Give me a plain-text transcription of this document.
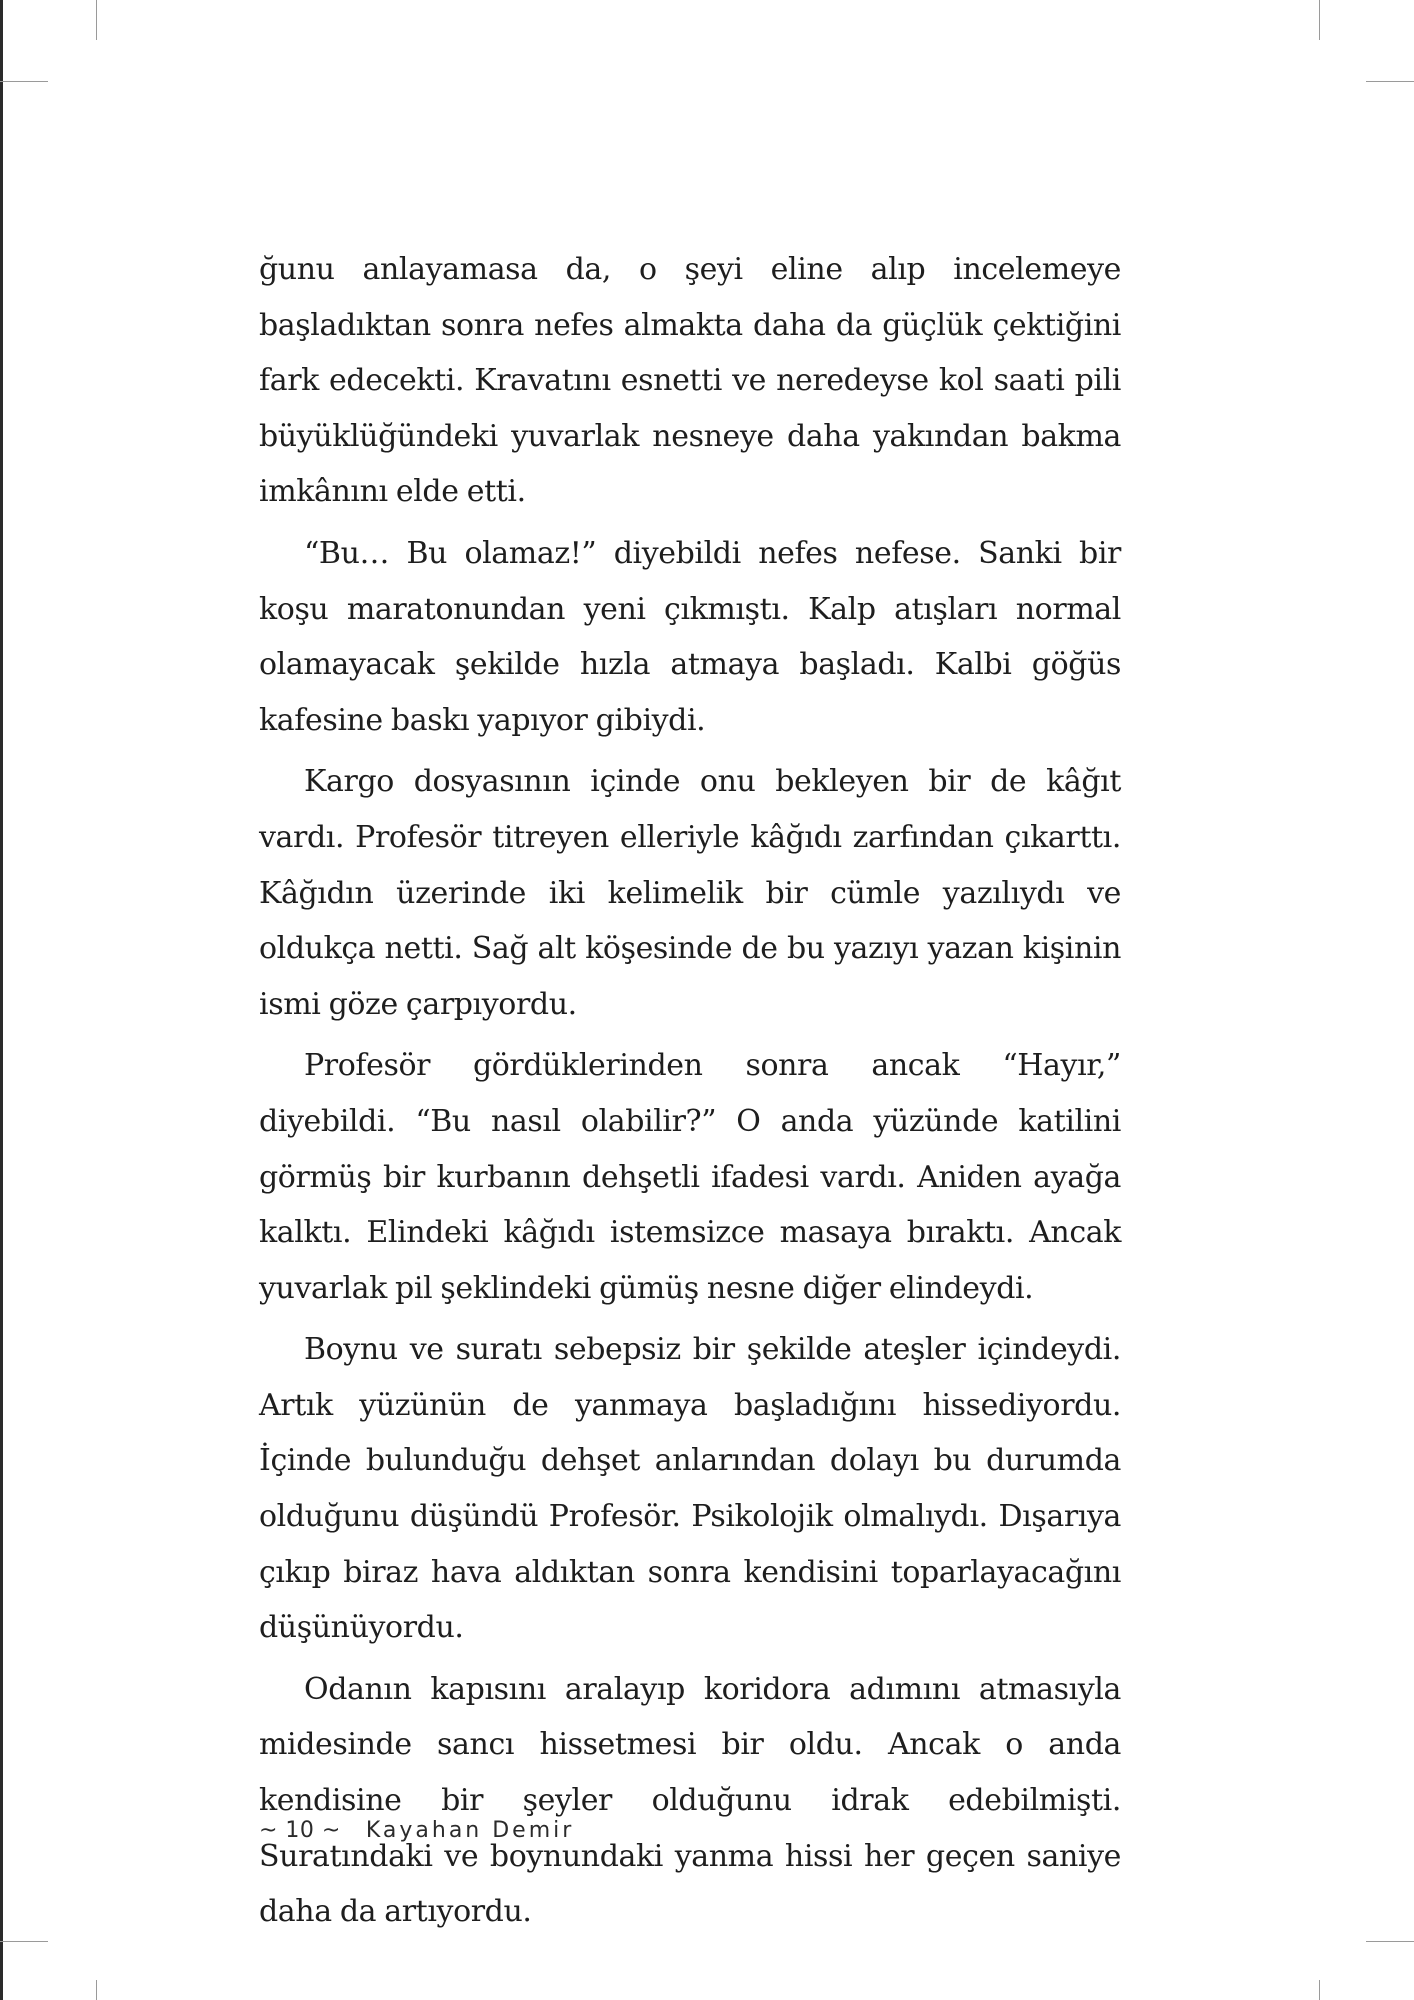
ğunu anlayamasa da, o şeyi eline alıp incelemeye başladıktan sonra nefes almakta daha da güçlük çektiğini fark edecekti. Kravatını esnetti ve neredeyse kol saati pili büyüklüğündeki yuvarlak nesneye daha yakından bakma imkânını elde etti.

“Bu… Bu olamaz!” diyebildi nefes nefese. Sanki bir koşu maratonundan yeni çıkmıştı. Kalp atışları normal olamayacak şekilde hızla atmaya başladı. Kalbi göğüs kafesine baskı yapıyor gibiydi.

Kargo dosyasının içinde onu bekleyen bir de kâğıt vardı. Profesör titreyen elleriyle kâğıdı zarfından çıkarttı. Kâğıdın üzerinde iki kelimelik bir cümle yazılıydı ve oldukça netti. Sağ alt köşesinde de bu yazıyı yazan kişinin ismi göze çarpıyordu.

Profesör gördüklerinden sonra ancak “Hayır,” diyebildi. “Bu nasıl olabilir?” O anda yüzünde katilini görmüş bir kurbanın dehşetli ifadesi vardı. Aniden ayağa kalktı. Elindeki kâğıdı istemsizce masaya bıraktı. Ancak yuvarlak pil şeklindeki gümüş nesne diğer elindeydi.

Boynu ve suratı sebepsiz bir şekilde ateşler içindeydi. Artık yüzünün de yanmaya başladığını hissediyordu. İçinde bulunduğu dehşet anlarından dolayı bu durumda olduğunu düşündü Profesör. Psikolojik olmalıydı. Dışarıya çıkıp biraz hava aldıktan sonra kendisini toparlayacağını düşünüyordu.

Odanın kapısını aralayıp koridora adımını atmasıyla midesinde sancı hissetmesi bir oldu. Ancak o anda kendisine bir şeyler olduğunu idrak edebilmişti. Suratındaki ve boynundaki yanma hissi her geçen saniye daha da artıyordu.

~ 10 ~ Kayahan Demir
